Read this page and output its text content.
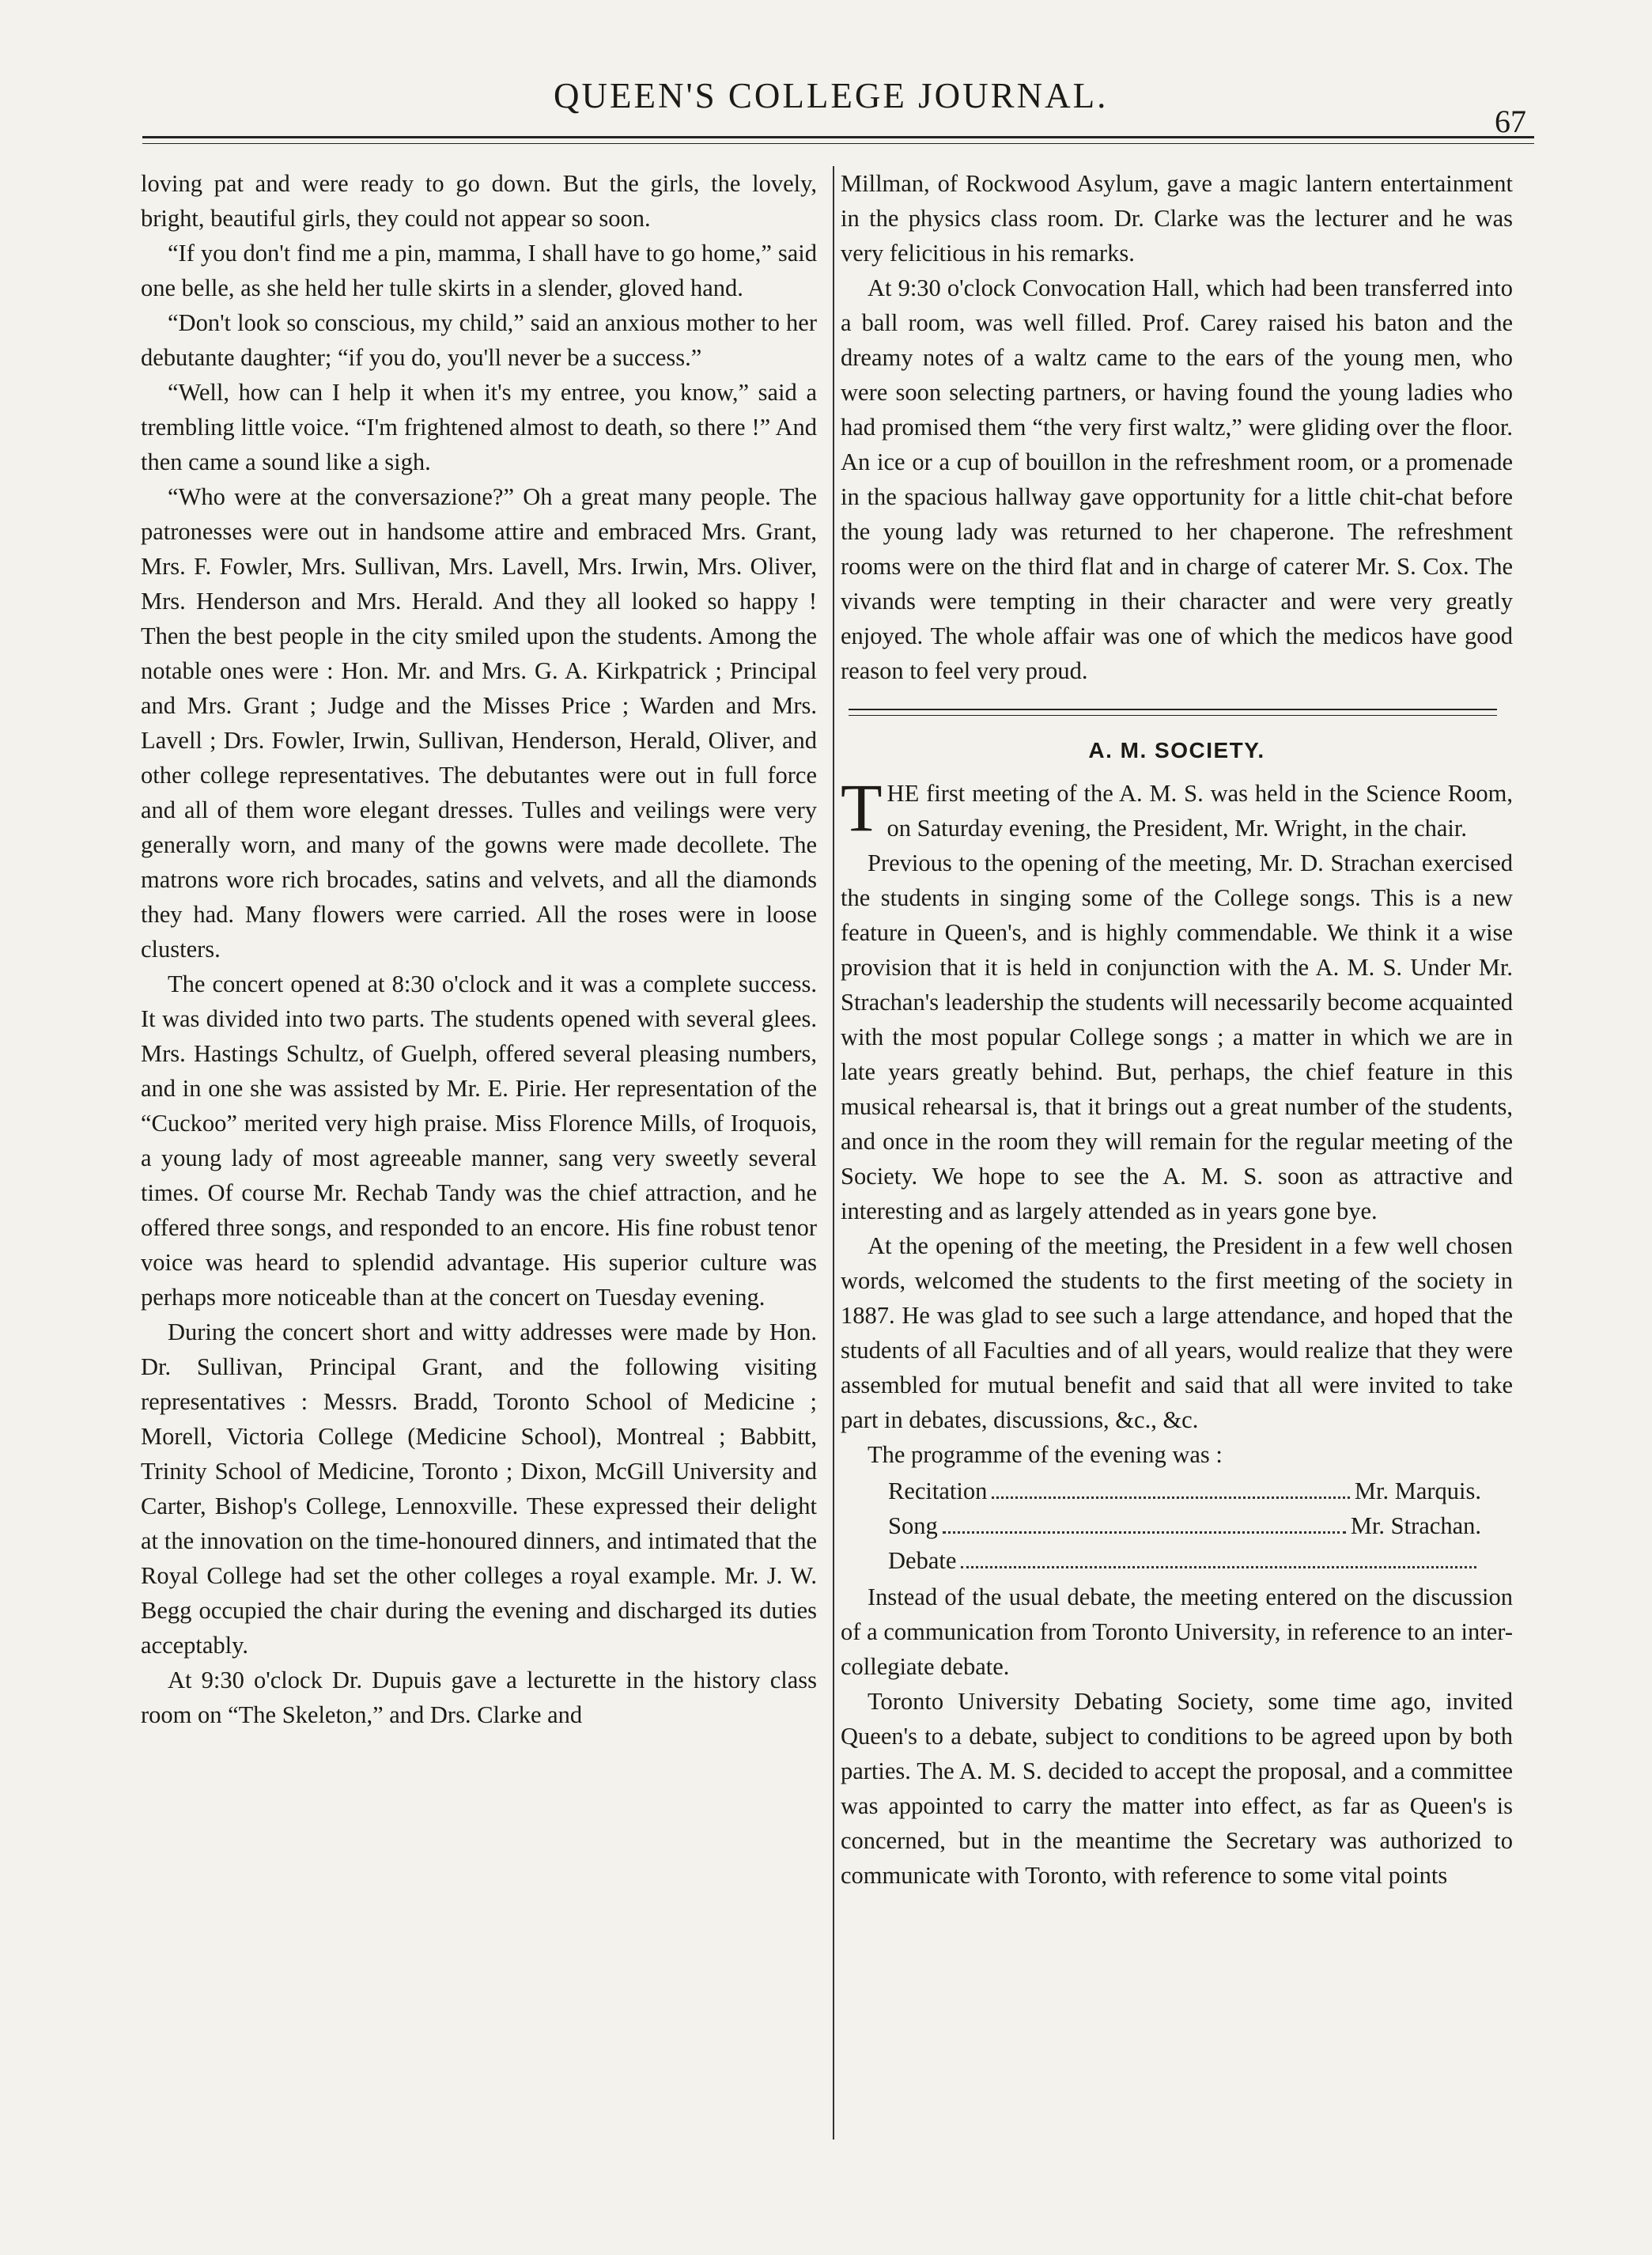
QUEEN'S COLLEGE JOURNAL.
67

loving pat and were ready to go down. But the girls, the lovely, bright, beautiful girls, they could not appear so soon.

“If you don't find me a pin, mamma, I shall have to go home,” said one belle, as she held her tulle skirts in a slender, gloved hand.

“Don't look so conscious, my child,” said an anxious mother to her debutante daughter; “if you do, you'll never be a success.”

“Well, how can I help it when it's my entree, you know,” said a trembling little voice. “I'm frightened almost to death, so there !” And then came a sound like a sigh.

“Who were at the conversazione?” Oh a great many people. The patronesses were out in handsome attire and embraced Mrs. Grant, Mrs. F. Fowler, Mrs. Sullivan, Mrs. Lavell, Mrs. Irwin, Mrs. Oliver, Mrs. Henderson and Mrs. Herald. And they all looked so happy ! Then the best people in the city smiled upon the students. Among the notable ones were : Hon. Mr. and Mrs. G. A. Kirkpatrick ; Principal and Mrs. Grant ; Judge and the Misses Price ; Warden and Mrs. Lavell ; Drs. Fowler, Irwin, Sullivan, Henderson, Herald, Oliver, and other college representatives. The debutantes were out in full force and all of them wore elegant dresses. Tulles and veilings were very generally worn, and many of the gowns were made decollete. The matrons wore rich brocades, satins and velvets, and all the diamonds they had. Many flowers were carried. All the roses were in loose clusters.

The concert opened at 8:30 o'clock and it was a complete success. It was divided into two parts. The students opened with several glees. Mrs. Hastings Schultz, of Guelph, offered several pleasing numbers, and in one she was assisted by Mr. E. Pirie. Her representation of the “Cuckoo” merited very high praise. Miss Florence Mills, of Iroquois, a young lady of most agreeable manner, sang very sweetly several times. Of course Mr. Rechab Tandy was the chief attraction, and he offered three songs, and responded to an encore. His fine robust tenor voice was heard to splendid advantage. His superior culture was perhaps more noticeable than at the concert on Tuesday evening.

During the concert short and witty addresses were made by Hon. Dr. Sullivan, Principal Grant, and the following visiting representatives : Messrs. Bradd, Toronto School of Medicine ; Morell, Victoria College (Medicine School), Montreal ; Babbitt, Trinity School of Medicine, Toronto ; Dixon, McGill University and Carter, Bishop's College, Lennoxville. These expressed their delight at the innovation on the time-honoured dinners, and intimated that the Royal College had set the other colleges a royal example. Mr. J. W. Begg occupied the chair during the evening and discharged its duties acceptably.

At 9:30 o'clock Dr. Dupuis gave a lecturette in the history class room on “The Skeleton,” and Drs. Clarke and

Millman, of Rockwood Asylum, gave a magic lantern entertainment in the physics class room. Dr. Clarke was the lecturer and he was very felicitious in his remarks.

At 9:30 o'clock Convocation Hall, which had been transferred into a ball room, was well filled. Prof. Carey raised his baton and the dreamy notes of a waltz came to the ears of the young men, who were soon selecting partners, or having found the young ladies who had promised them “the very first waltz,” were gliding over the floor. An ice or a cup of bouillon in the refreshment room, or a promenade in the spacious hallway gave opportunity for a little chit-chat before the young lady was returned to her chaperone. The refreshment rooms were on the third flat and in charge of caterer Mr. S. Cox. The vivands were tempting in their character and were very greatly enjoyed. The whole affair was one of which the medicos have good reason to feel very proud.

A. M. SOCIETY.

THE first meeting of the A. M. S. was held in the Science Room, on Saturday evening, the President, Mr. Wright, in the chair.

Previous to the opening of the meeting, Mr. D. Strachan exercised the students in singing some of the College songs. This is a new feature in Queen's, and is highly commendable. We think it a wise provision that it is held in conjunction with the A. M. S. Under Mr. Strachan's leadership the students will necessarily become acquainted with the most popular College songs ; a matter in which we are in late years greatly behind. But, perhaps, the chief feature in this musical rehearsal is, that it brings out a great number of the students, and once in the room they will remain for the regular meeting of the Society. We hope to see the A. M. S. soon as attractive and interesting and as largely attended as in years gone bye.

At the opening of the meeting, the President in a few well chosen words, welcomed the students to the first meeting of the society in 1887. He was glad to see such a large attendance, and hoped that the students of all Faculties and of all years, would realize that they were assembled for mutual benefit and said that all were invited to take part in debates, discussions, &c., &c.

The programme of the evening was :

Recitation	Mr. Marquis.
Song	Mr. Strachan.
Debate

Instead of the usual debate, the meeting entered on the discussion of a communication from Toronto University, in reference to an inter-collegiate debate.

Toronto University Debating Society, some time ago, invited Queen's to a debate, subject to conditions to be agreed upon by both parties. The A. M. S. decided to accept the proposal, and a committee was appointed to carry the matter into effect, as far as Queen's is concerned, but in the meantime the Secretary was authorized to communicate with Toronto, with reference to some vital points
